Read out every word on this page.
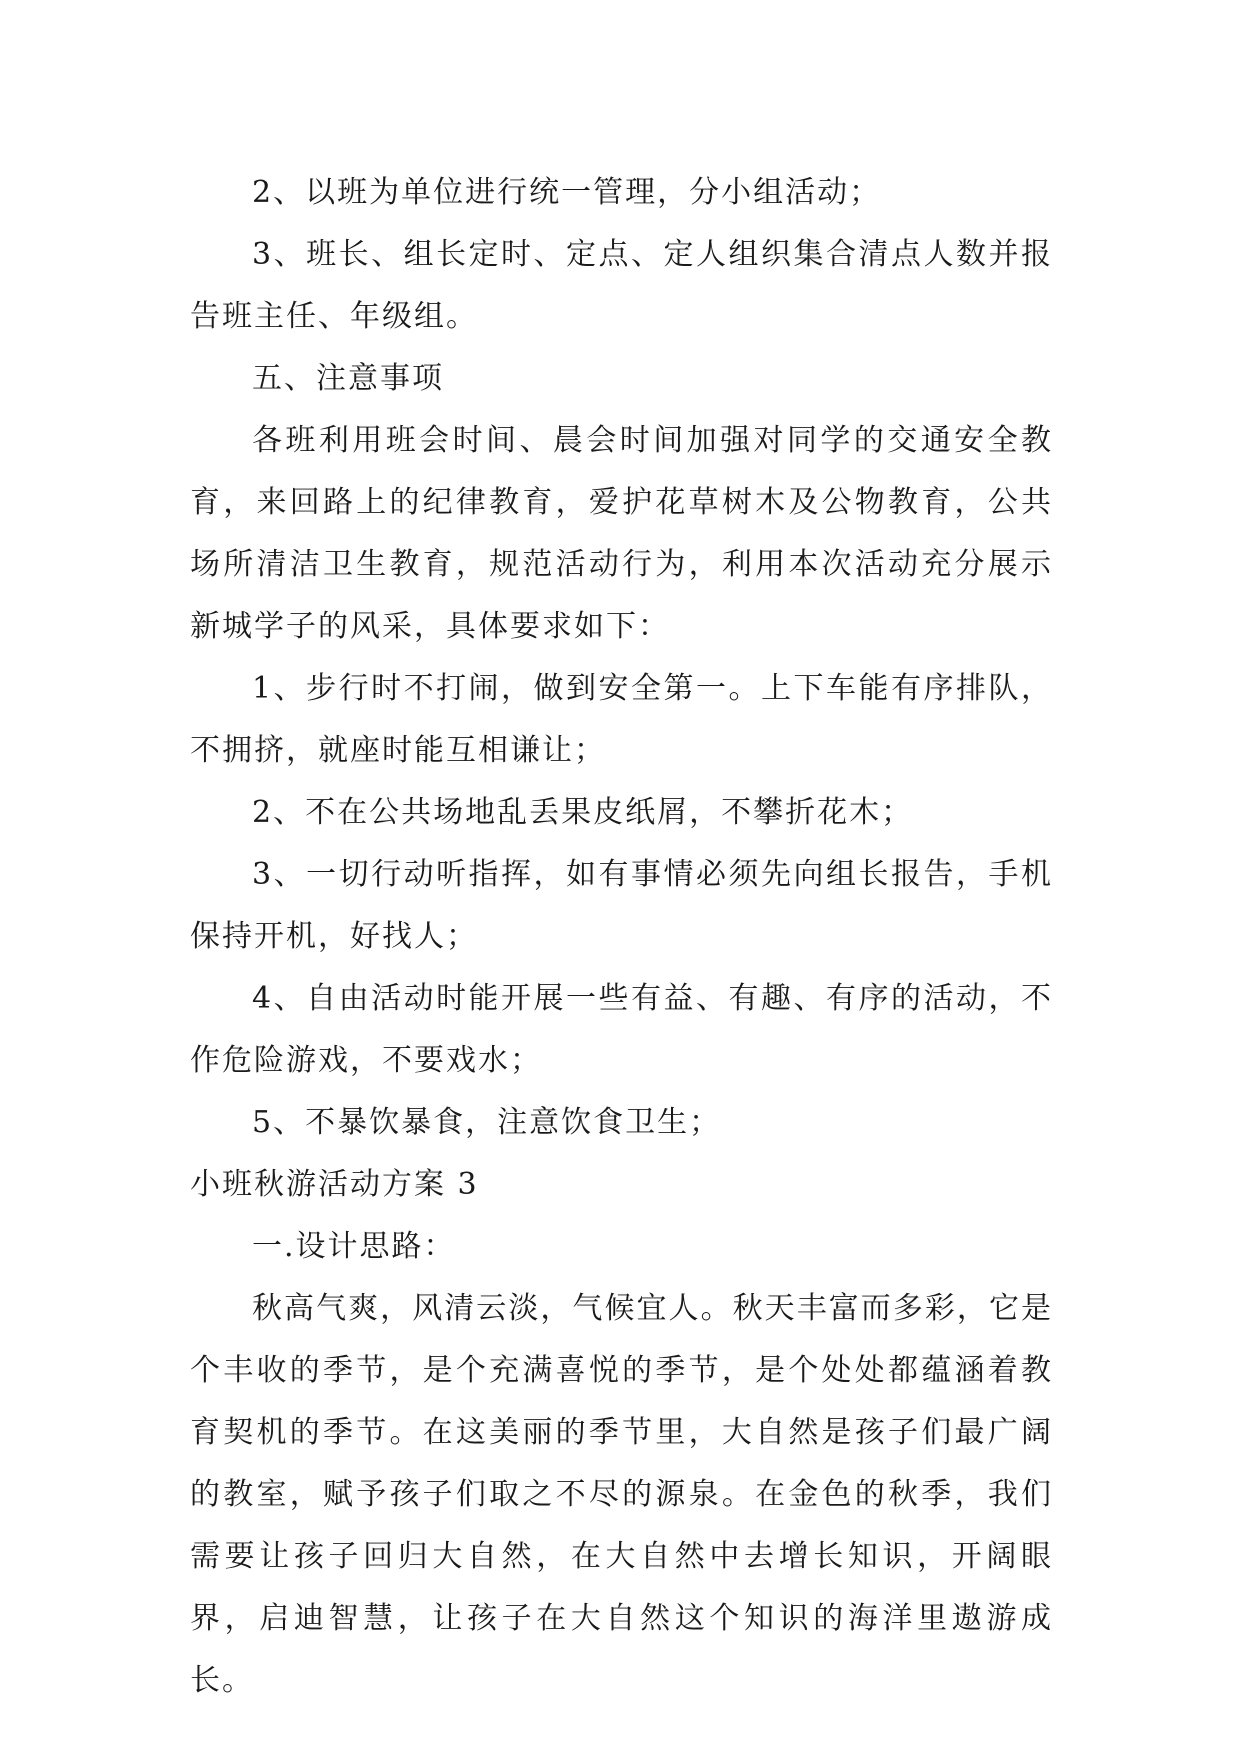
2、以班为单位进行统一管理，分小组活动；

3、班长、组长定时、定点、定人组织集合清点人数并报告班主任、年级组。

五、注意事项

各班利用班会时间、晨会时间加强对同学的交通安全教育，来回路上的纪律教育，爱护花草树木及公物教育，公共场所清洁卫生教育，规范活动行为，利用本次活动充分展示新城学子的风采，具体要求如下：

1、步行时不打闹，做到安全第一。上下车能有序排队，不拥挤，就座时能互相谦让；

2、不在公共场地乱丢果皮纸屑，不攀折花木；

3、一切行动听指挥，如有事情必须先向组长报告，手机保持开机，好找人；

4、自由活动时能开展一些有益、有趣、有序的活动，不作危险游戏，不要戏水；

5、不暴饮暴食，注意饮食卫生；

小班秋游活动方案 3

一.设计思路：

秋高气爽，风清云淡，气候宜人。秋天丰富而多彩，它是个丰收的季节，是个充满喜悦的季节，是个处处都蕴涵着教育契机的季节。在这美丽的季节里，大自然是孩子们最广阔的教室，赋予孩子们取之不尽的源泉。在金色的秋季，我们需要让孩子回归大自然，在大自然中去增长知识，开阔眼界，启迪智慧，让孩子在大自然这个知识的海洋里遨游成长。
